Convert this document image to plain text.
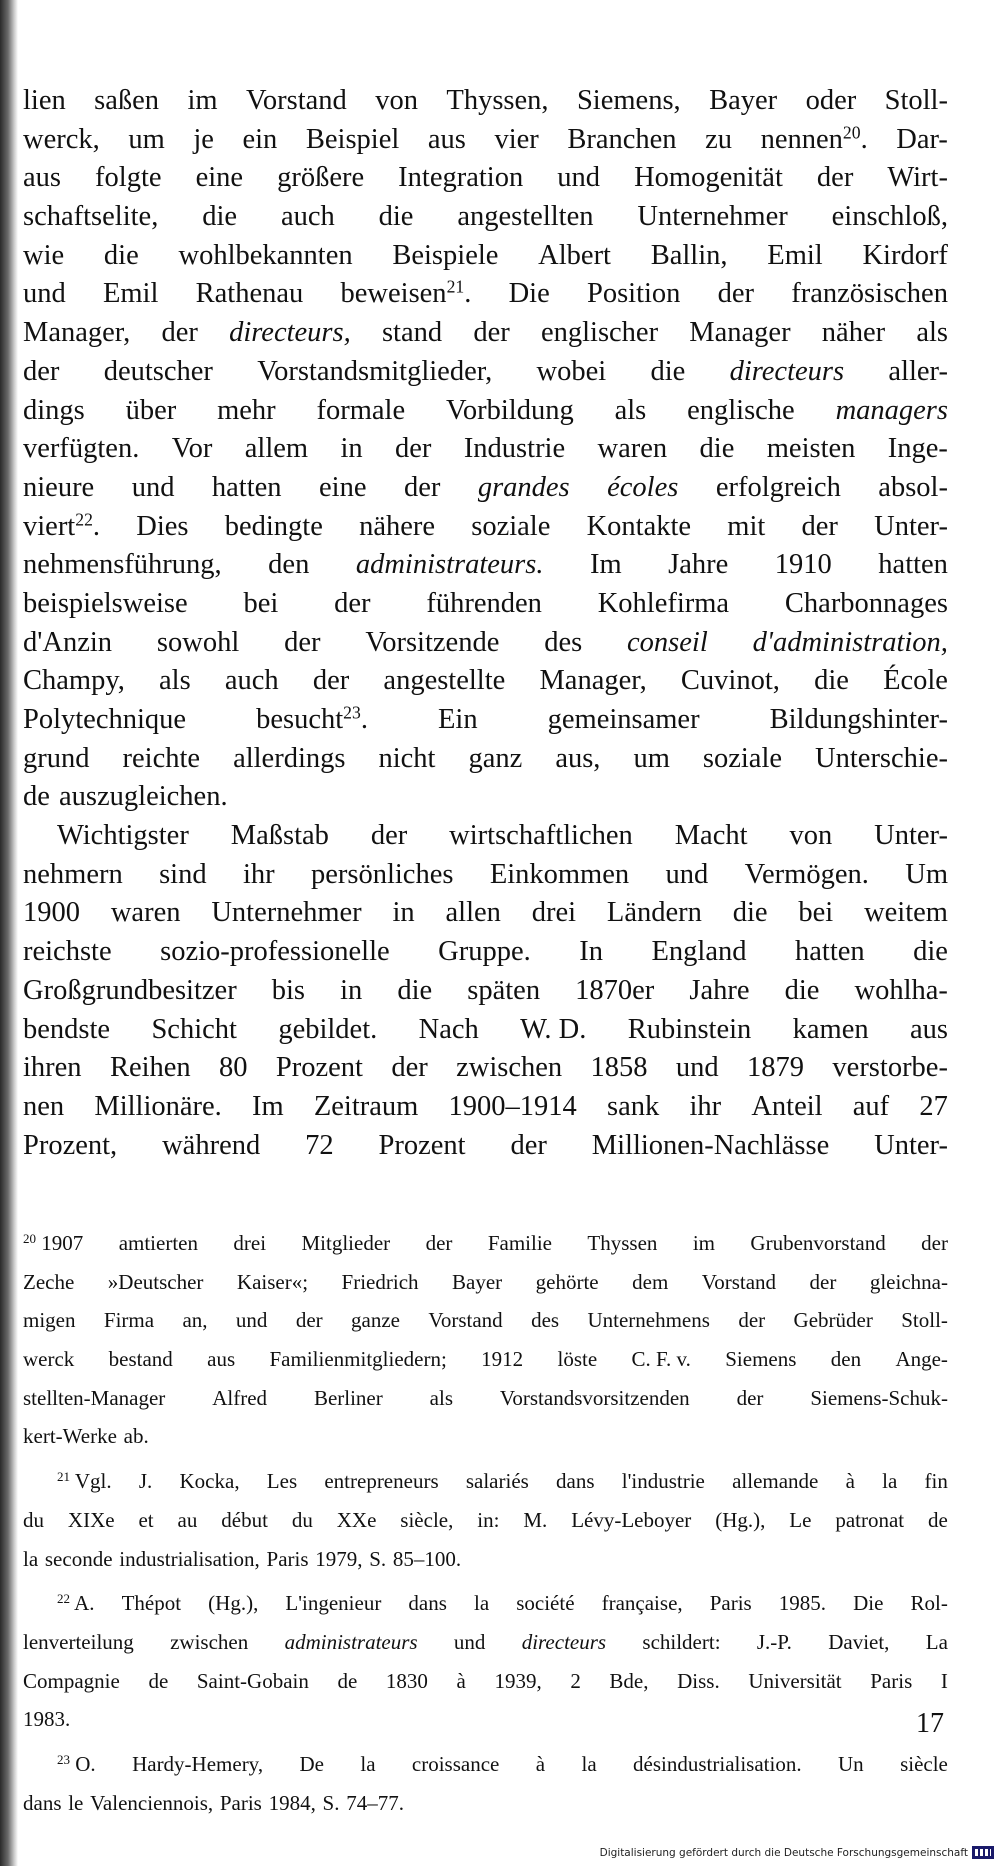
lien saßen im Vorstand von Thyssen, Siemens, Bayer oder Stoll-
werck, um je ein Beispiel aus vier Branchen zu nennen$^{20}$. Dar-
aus folgte eine größere Integration und Homogenität der Wirt-
schaftselite, die auch die angestellten Unternehmer einschloß,
wie die wohlbekannten Beispiele Albert Ballin, Emil Kirdorf
und Emil Rathenau beweisen$^{21}$. Die Position der französischen
Manager, der directeurs, stand der englischer Manager näher als
der deutscher Vorstandsmitglieder, wobei die directeurs aller-
dings über mehr formale Vorbildung als englische managers
verfügten. Vor allem in der Industrie waren die meisten Inge-
nieure und hatten eine der grandes écoles erfolgreich absol-
viert$^{22}$. Dies bedingte nähere soziale Kontakte mit der Unter-
nehmensführung, den administrateurs. Im Jahre 1910 hatten
beispielsweise bei der führenden Kohlefirma Charbonnages
d'Anzin sowohl der Vorsitzende des conseil d'administration,
Champy, als auch der angestellte Manager, Cuvinot, die École
Polytechnique besucht$^{23}$. Ein gemeinsamer Bildungshinter-
grund reichte allerdings nicht ganz aus, um soziale Unterschie-
de auszugleichen.
Wichtigster Maßstab der wirtschaftlichen Macht von Unter-
nehmern sind ihr persönliches Einkommen und Vermögen. Um
1900 waren Unternehmer in allen drei Ländern die bei weitem
reichste sozio-professionelle Gruppe. In England hatten die
Großgrundbesitzer bis in die späten 1870er Jahre die wohlha-
bendste Schicht gebildet. Nach W. D. Rubinstein kamen aus
ihren Reihen 80 Prozent der zwischen 1858 und 1879 verstorbe-
nen Millionäre. Im Zeitraum 1900–1914 sank ihr Anteil auf 27
Prozent, während 72 Prozent der Millionen-Nachlässe Unter-
$^{20}$ 1907 amtierten drei Mitglieder der Familie Thyssen im Grubenvorstand der
Zeche »Deutscher Kaiser«; Friedrich Bayer gehörte dem Vorstand der gleichna-
migen Firma an, und der ganze Vorstand des Unternehmens der Gebrüder Stoll-
werck bestand aus Familienmitgliedern; 1912 löste C. F. v. Siemens den Ange-
stellten-Manager Alfred Berliner als Vorstandsvorsitzenden der Siemens-Schuk-
kert-Werke ab.
$^{21}$ Vgl. J. Kocka, Les entrepreneurs salariés dans l'industrie allemande à la fin
du XIXe et au début du XXe siècle, in: M. Lévy-Leboyer (Hg.), Le patronat de
la seconde industrialisation, Paris 1979, S. 85–100.
$^{22}$ A. Thépot (Hg.), L'ingenieur dans la société française, Paris 1985. Die Rol-
lenverteilung zwischen administrateurs und directeurs schildert: J.-P. Daviet, La
Compagnie de Saint-Gobain de 1830 à 1939, 2 Bde, Diss. Universität Paris I
1983.
$^{23}$ O. Hardy-Hemery, De la croissance à la désindustrialisation. Un siècle
dans le Valenciennois, Paris 1984, S. 74–77.
17
Digitalisierung gefördert durch die Deutsche Forschungsgemeinschaft
